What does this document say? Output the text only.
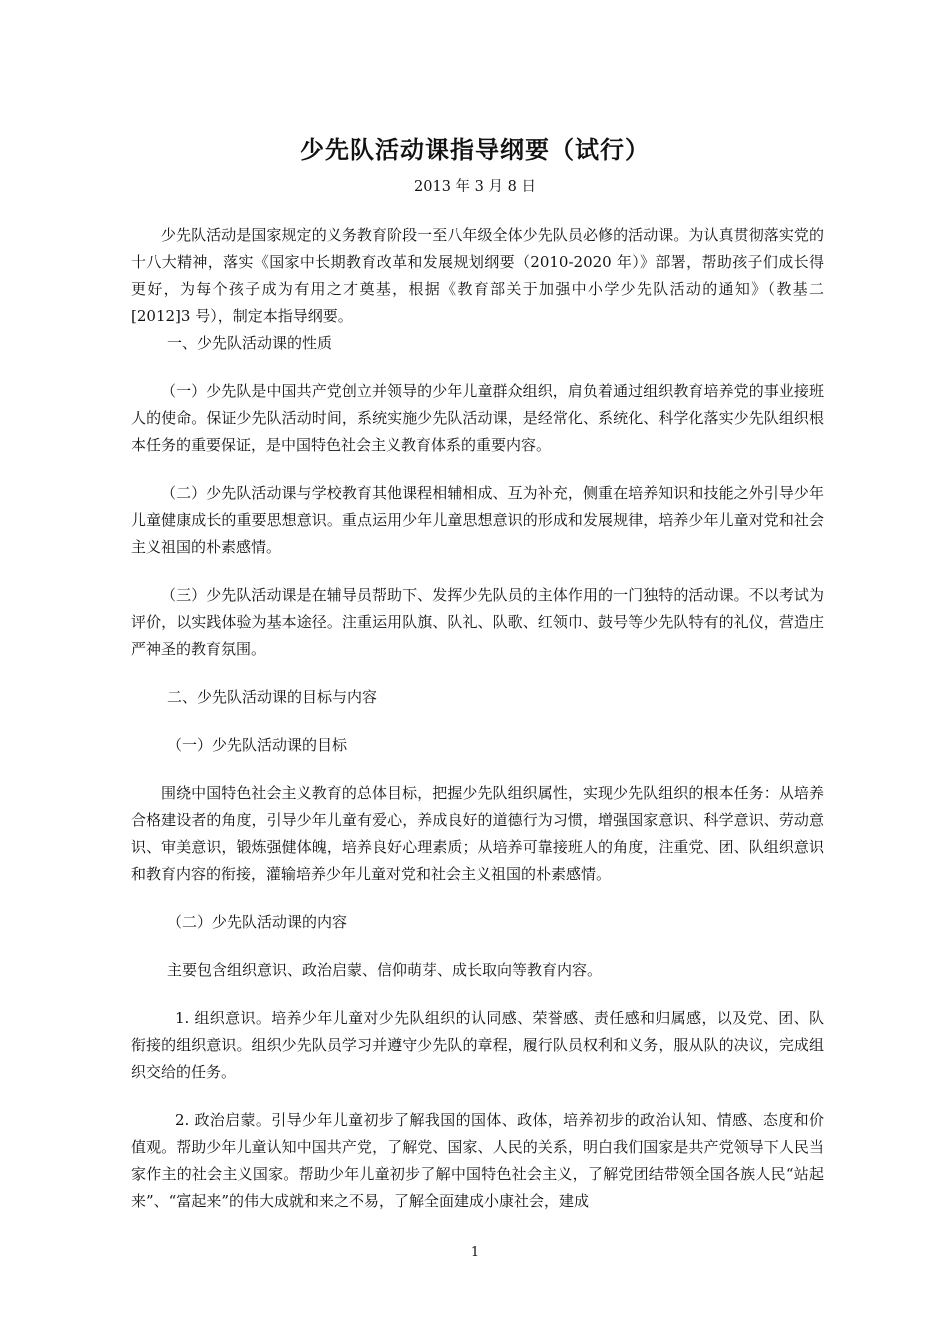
少先队活动课指导纲要（试行）

2013 年 3 月 8 日

少先队活动是国家规定的义务教育阶段一至八年级全体少先队员必修的活动课。为认真贯彻落实党的十八大精神，落实《国家中长期教育改革和发展规划纲要（2010-2020 年）》部署，帮助孩子们成长得更好，为每个孩子成为有用之才奠基，根据《教育部关于加强中小学少先队活动的通知》（教基二[2012]3 号），制定本指导纲要。

一、少先队活动课的性质

（一）少先队是中国共产党创立并领导的少年儿童群众组织，肩负着通过组织教育培养党的事业接班人的使命。保证少先队活动时间，系统实施少先队活动课，是经常化、系统化、科学化落实少先队组织根本任务的重要保证，是中国特色社会主义教育体系的重要内容。

（二）少先队活动课与学校教育其他课程相辅相成、互为补充，侧重在培养知识和技能之外引导少年儿童健康成长的重要思想意识。重点运用少年儿童思想意识的形成和发展规律，培养少年儿童对党和社会主义祖国的朴素感情。

（三）少先队活动课是在辅导员帮助下、发挥少先队员的主体作用的一门独特的活动课。不以考试为评价，以实践体验为基本途径。注重运用队旗、队礼、队歌、红领巾、鼓号等少先队特有的礼仪，营造庄严神圣的教育氛围。

二、少先队活动课的目标与内容

（一）少先队活动课的目标

围绕中国特色社会主义教育的总体目标，把握少先队组织属性，实现少先队组织的根本任务：从培养合格建设者的角度，引导少年儿童有爱心，养成良好的道德行为习惯，增强国家意识、科学意识、劳动意识、审美意识，锻炼强健体魄，培养良好心理素质；从培养可靠接班人的角度，注重党、团、队组织意识和教育内容的衔接，灌输培养少年儿童对党和社会主义祖国的朴素感情。

（二）少先队活动课的内容

主要包含组织意识、政治启蒙、信仰萌芽、成长取向等教育内容。

1. 组织意识。培养少年儿童对少先队组织的认同感、荣誉感、责任感和归属感，以及党、团、队衔接的组织意识。组织少先队员学习并遵守少先队的章程，履行队员权利和义务，服从队的决议，完成组织交给的任务。

2. 政治启蒙。引导少年儿童初步了解我国的国体、政体，培养初步的政治认知、情感、态度和价值观。帮助少年儿童认知中国共产党，了解党、国家、人民的关系，明白我们国家是共产党领导下人民当家作主的社会主义国家。帮助少年儿童初步了解中国特色社会主义，了解党团结带领全国各族人民“站起来”、“富起来”的伟大成就和来之不易，了解全面建成小康社会，建成

1
